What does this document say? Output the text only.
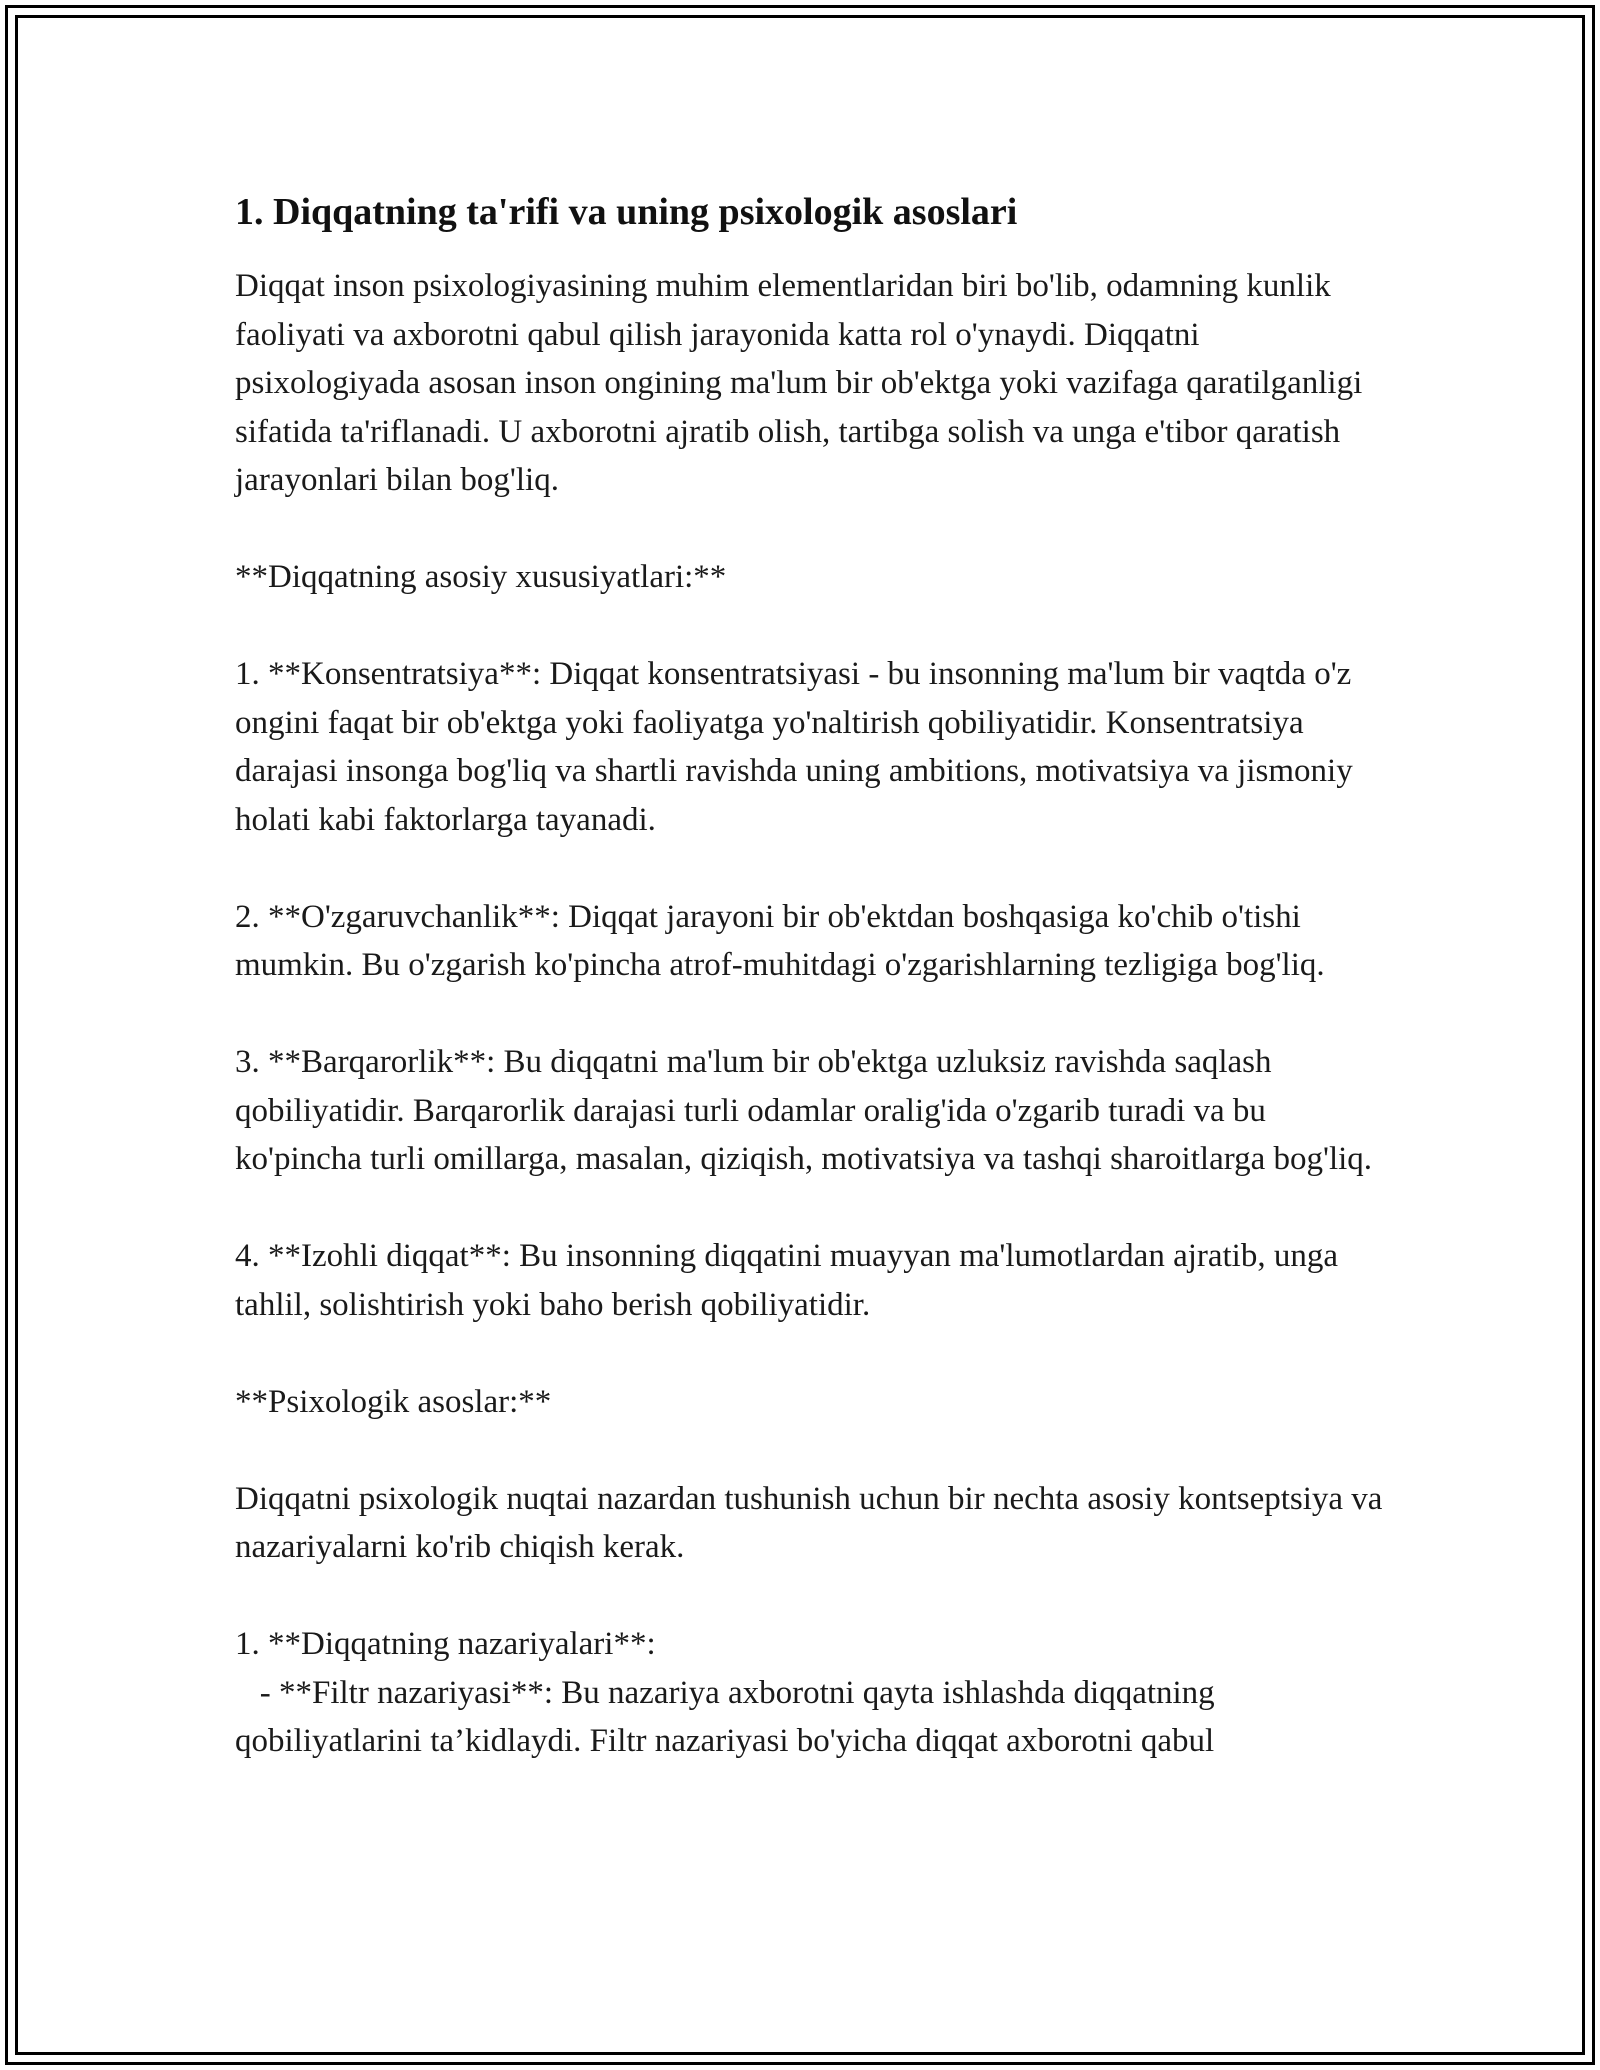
1. Diqqatning ta'rifi va uning psixologik asoslari

Diqqat inson psixologiyasining muhim elementlaridan biri bo'lib, odamning kunlik faoliyati va axborotni qabul qilish jarayonida katta rol o'ynaydi. Diqqatni psixologiyada asosan inson ongining ma'lum bir ob'ektga yoki vazifaga qaratilganligi sifatida ta'riflanadi. U axborotni ajratib olish, tartibga solish va unga e'tibor qaratish jarayonlari bilan bog'liq.

**Diqqatning asosiy xususiyatlari:**

1. **Konsentratsiya**: Diqqat konsentratsiyasi - bu insonning ma'lum bir vaqtda o'z ongini faqat bir ob'ektga yoki faoliyatga yo'naltirish qobiliyatidir. Konsentratsiya darajasi insonga bog'liq va shartli ravishda uning ambitions, motivatsiya va jismoniy holati kabi faktorlarga tayanadi.

2. **O'zgaruvchanlik**: Diqqat jarayoni bir ob'ektdan boshqasiga ko'chib o'tishi mumkin. Bu o'zgarish ko'pincha atrof-muhitdagi o'zgarishlarning tezligiga bog'liq.

3. **Barqarorlik**: Bu diqqatni ma'lum bir ob'ektga uzluksiz ravishda saqlash qobiliyatidir. Barqarorlik darajasi turli odamlar oralig'ida o'zgarib turadi va bu ko'pincha turli omillarga, masalan, qiziqish, motivatsiya va tashqi sharoitlarga bog'liq.

4. **Izohli diqqat**: Bu insonning diqqatini muayyan ma'lumotlardan ajratib, unga tahlil, solishtirish yoki baho berish qobiliyatidir.

**Psixologik asoslar:**

Diqqatni psixologik nuqtai nazardan tushunish uchun bir nechta asosiy kontseptsiya va nazariyalarni ko'rib chiqish kerak.

1. **Diqqatning nazariyalari**:
- **Filtr nazariyasi**: Bu nazariya axborotni qayta ishlashda diqqatning qobiliyatlarini ta’kidlaydi. Filtr nazariyasi bo'yicha diqqat axborotni qabul
